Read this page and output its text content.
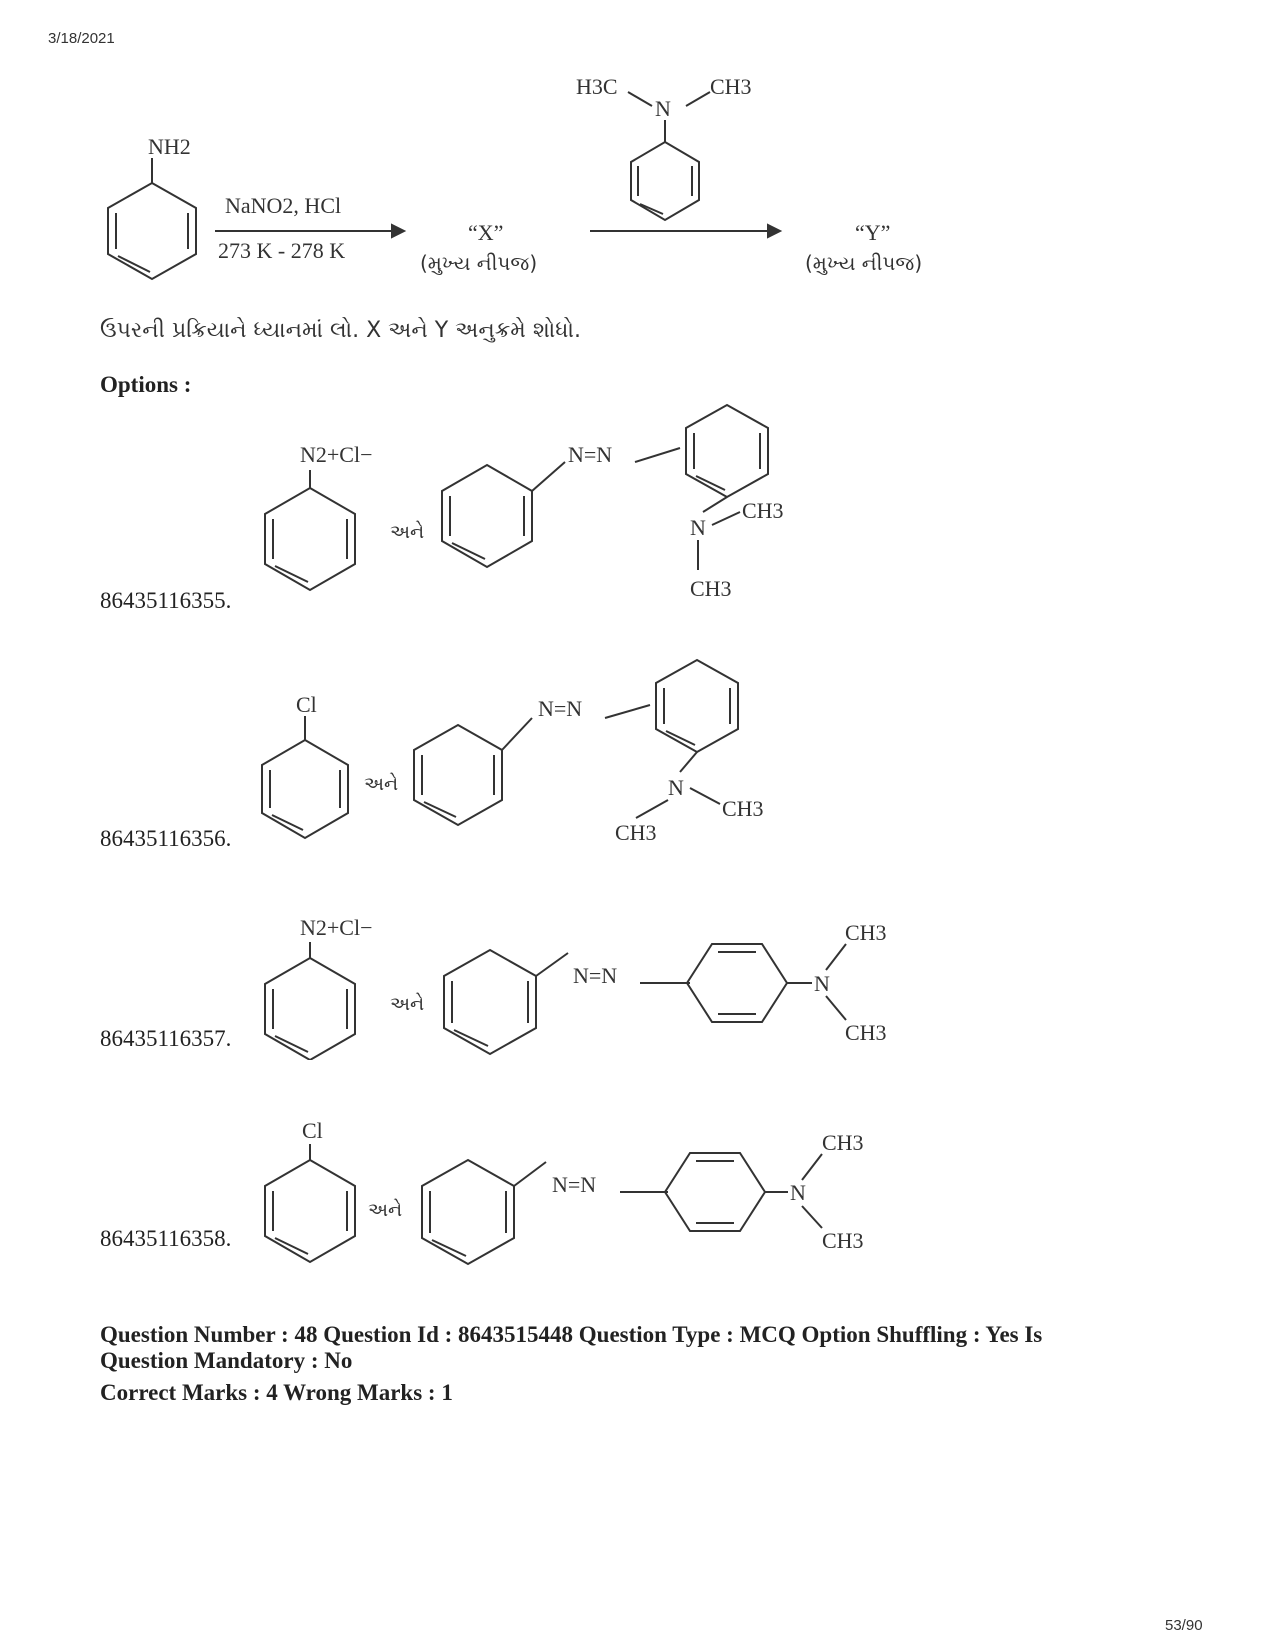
3/18/2021
53/90
NH2
NaNO2, HCl
273 K - 278 K
“X”
(મુખ્ય નીપજ)
H3C
N
CH3
“Y”
(મુખ્ય નીપજ)
ઉપરની પ્રક્રિયાને ધ્યાનમાં લો. X અને Y અનુક્રમે શોધો.
Options :
N2+Cl−
અને
N=N
N
CH3
CH3
86435116355.
Cl
અને
N=N
N
CH3
CH3
86435116356.
N2+Cl−
અને
N=N	N
CH3
CH3
86435116357.
Cl
અને
N=N	N
CH3
CH3
86435116358.
Question Number : 48 Question Id : 8643515448 Question Type : MCQ Option Shuffling : Yes Is
Question Mandatory : No
Correct Marks : 4 Wrong Marks : 1
